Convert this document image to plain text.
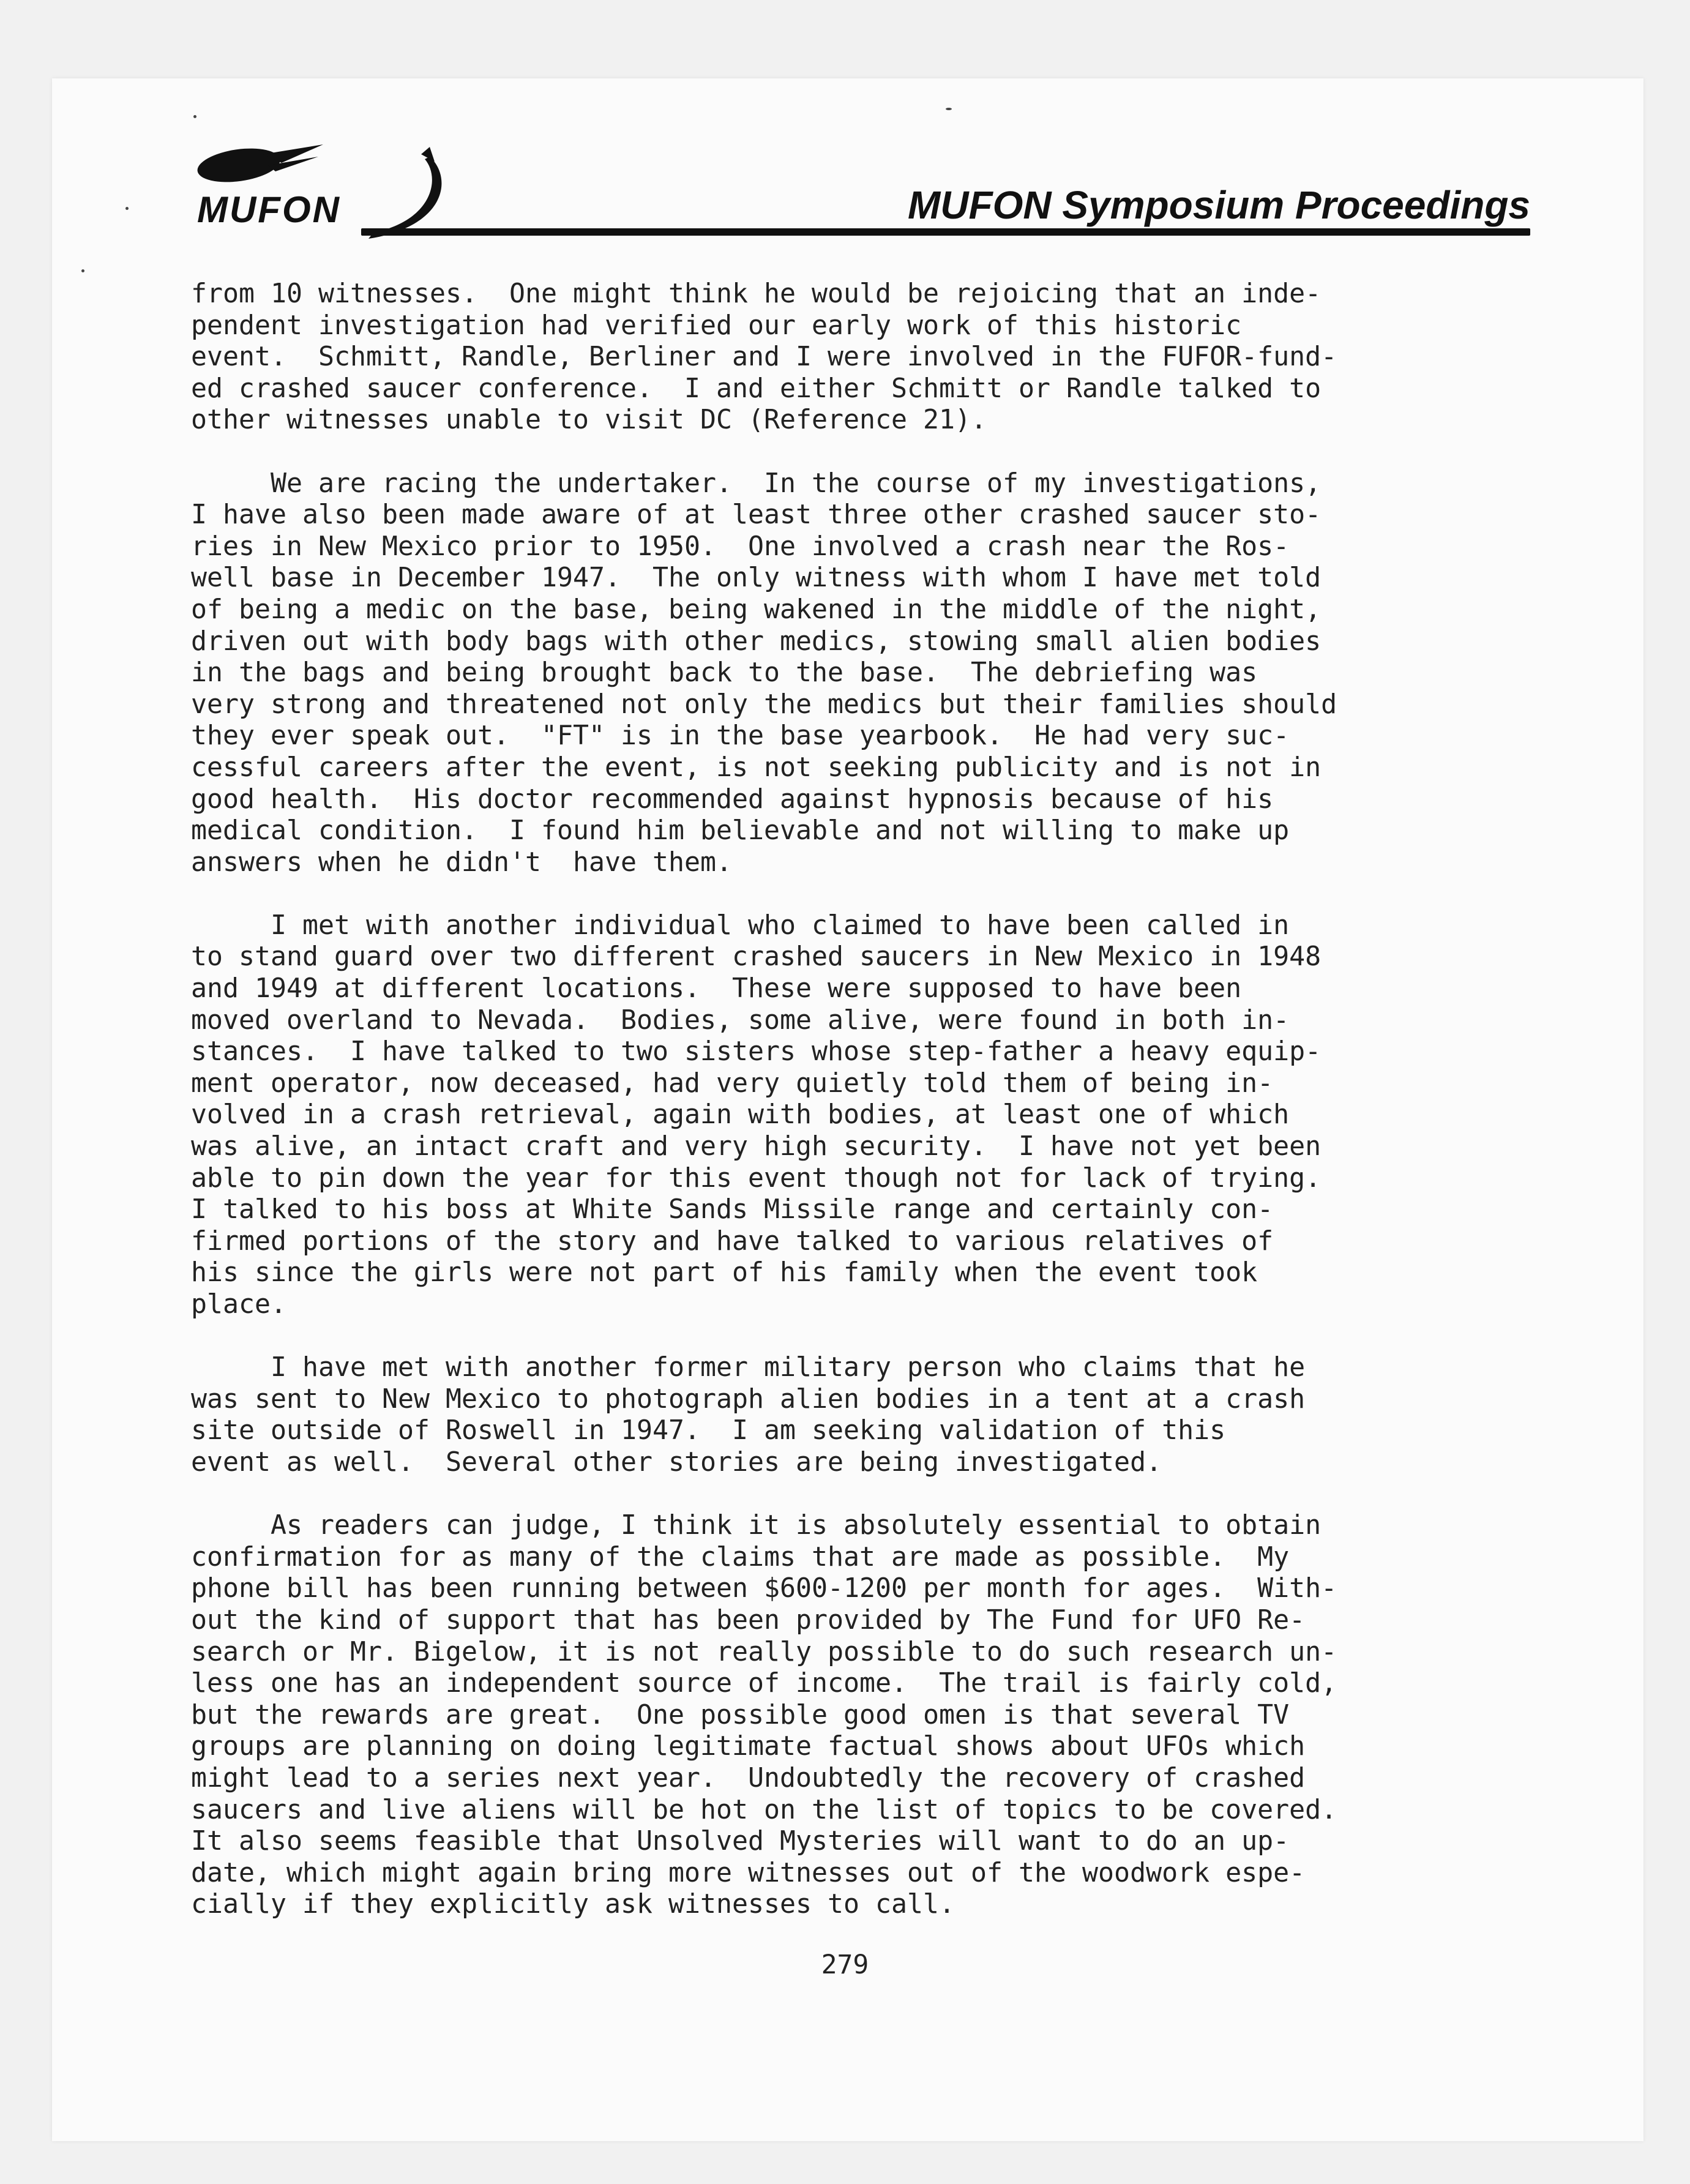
MUFON	MUFON Symposium Proceedings
from 10 witnesses.  One might think he would be rejoicing that an inde-
pendent investigation had verified our early work of this historic
event.  Schmitt, Randle, Berliner and I were involved in the FUFOR-fund-
ed crashed saucer conference.  I and either Schmitt or Randle talked to
other witnesses unable to visit DC (Reference 21).
We are racing the undertaker.  In the course of my investigations,
I have also been made aware of at least three other crashed saucer sto-
ries in New Mexico prior to 1950.  One involved a crash near the Ros-
well base in December 1947.  The only witness with whom I have met told
of being a medic on the base, being wakened in the middle of the night,
driven out with body bags with other medics, stowing small alien bodies
in the bags and being brought back to the base.  The debriefing was
very strong and threatened not only the medics but their families should
they ever speak out.  "FT" is in the base yearbook.  He had very suc-
cessful careers after the event, is not seeking publicity and is not in
good health.  His doctor recommended against hypnosis because of his
medical condition.  I found him believable and not willing to make up
answers when he didn't  have them.
I met with another individual who claimed to have been called in
to stand guard over two different crashed saucers in New Mexico in 1948
and 1949 at different locations.  These were supposed to have been
moved overland to Nevada.  Bodies, some alive, were found in both in-
stances.  I have talked to two sisters whose step-father a heavy equip-
ment operator, now deceased, had very quietly told them of being in-
volved in a crash retrieval, again with bodies, at least one of which
was alive, an intact craft and very high security.  I have not yet been
able to pin down the year for this event though not for lack of trying.
I talked to his boss at White Sands Missile range and certainly con-
firmed portions of the story and have talked to various relatives of
his since the girls were not part of his family when the event took
place.
I have met with another former military person who claims that he
was sent to New Mexico to photograph alien bodies in a tent at a crash
site outside of Roswell in 1947.  I am seeking validation of this
event as well.  Several other stories are being investigated.
As readers can judge, I think it is absolutely essential to obtain
confirmation for as many of the claims that are made as possible.  My
phone bill has been running between $600-1200 per month for ages.  With-
out the kind of support that has been provided by The Fund for UFO Re-
search or Mr. Bigelow, it is not really possible to do such research un-
less one has an independent source of income.  The trail is fairly cold,
but the rewards are great.  One possible good omen is that several TV
groups are planning on doing legitimate factual shows about UFOs which
might lead to a series next year.  Undoubtedly the recovery of crashed
saucers and live aliens will be hot on the list of topics to be covered.
It also seems feasible that Unsolved Mysteries will want to do an up-
date, which might again bring more witnesses out of the woodwork espe-
cially if they explicitly ask witnesses to call.
279
